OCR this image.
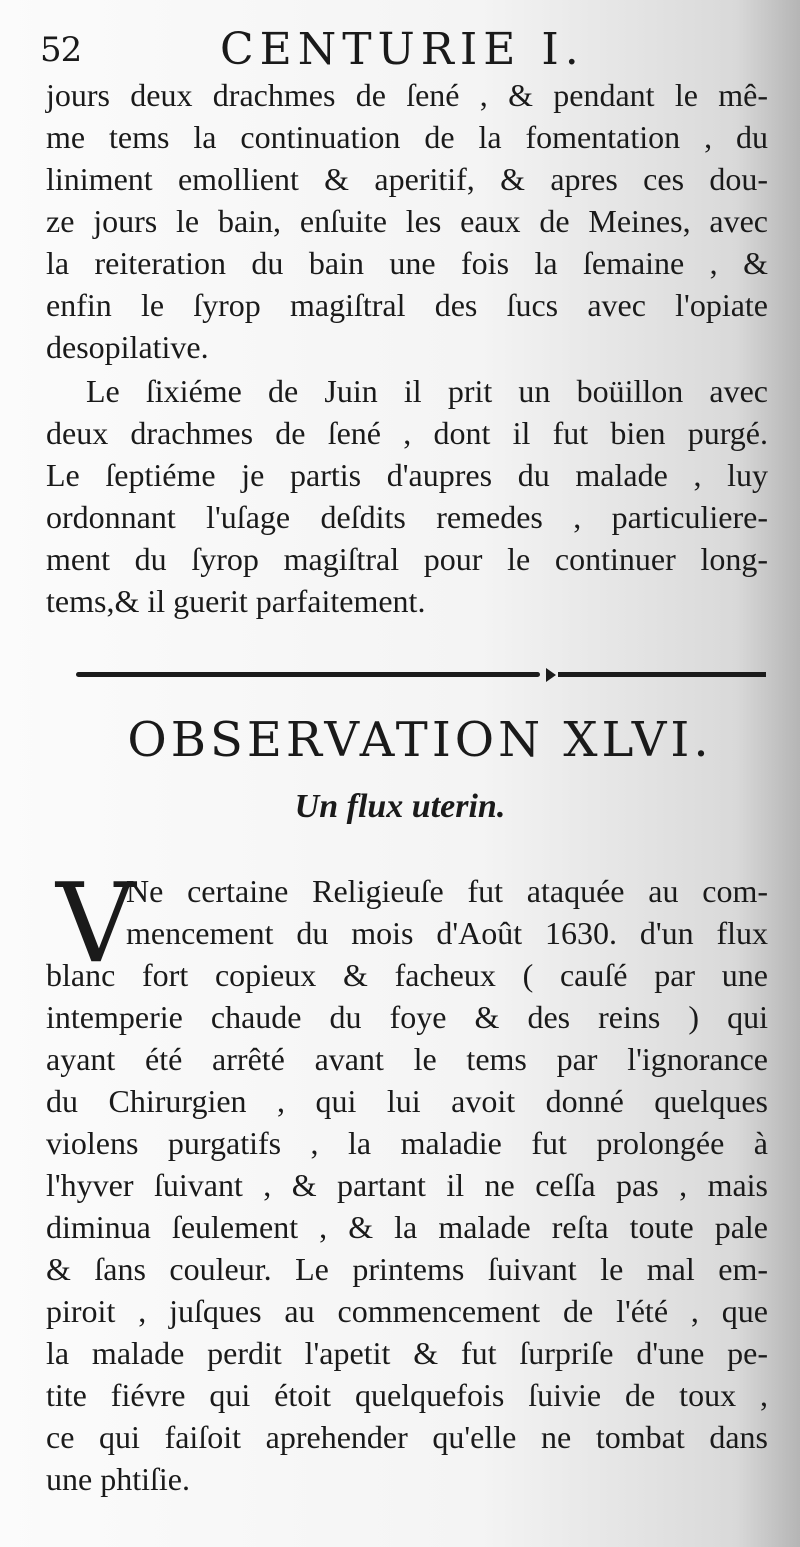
52	CENTURIE I.
jours deux drachmes de ſené , & pendant le mê-
me tems la continuation de la fomentation , du
liniment emollient & aperitif, & apres ces dou-
ze jours le bain, enſuite les eaux de Meines, avec
la reiteration du bain une fois la ſemaine , &
enfin le ſyrop magiſtral des ſucs avec l'opiate
desopilative.
Le ſixiéme de Juin il prit un boüillon avec
deux drachmes de ſené , dont il fut bien purgé.
Le ſeptiéme je partis d'aupres du malade , luy
ordonnant l'uſage deſdits remedes , particuliere-
ment du ſyrop magiſtral pour le continuer long-
tems,& il guerit parfaitement.
OBSERVATION XLVI.
Un flux uterin.
V
Ne certaine Religieuſe fut ataquée au com-
mencement du mois d'Août 1630. d'un flux
blanc fort copieux & facheux ( cauſé par une
intemperie chaude du foye & des reins ) qui
ayant été arrêté avant le tems par l'ignorance
du Chirurgien , qui lui avoit donné quelques
violens purgatifs , la maladie fut prolongée à
l'hyver ſuivant , & partant il ne ceſſa pas , mais
diminua ſeulement , & la malade reſta toute pale
& ſans couleur. Le printems ſuivant le mal em-
piroit , juſques au commencement de l'été , que
la malade perdit l'apetit & fut ſurpriſe d'une pe-
tite fiévre qui étoit quelquefois ſuivie de toux ,
ce qui faiſoit aprehender qu'elle ne tombat dans
une phtiſie.
